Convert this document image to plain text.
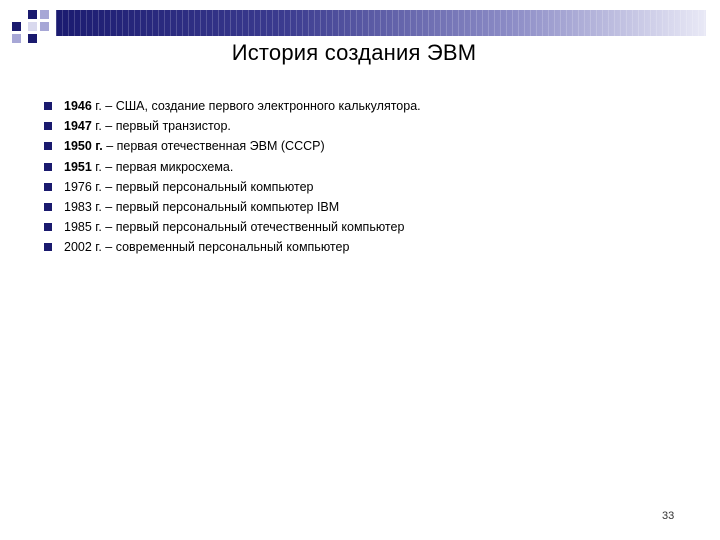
История создания ЭВМ
1946 г. – США, создание первого электронного калькулятора.
1947 г. – первый транзистор.
1950 г. – первая отечественная ЭВМ (СССР)
1951 г. – первая микросхема.
1976 г. – первый персональный компьютер
1983 г. – первый персональный компьютер IBM
1985 г. – первый персональный отечественный компьютер
2002 г. – современный персональный компьютер
33
